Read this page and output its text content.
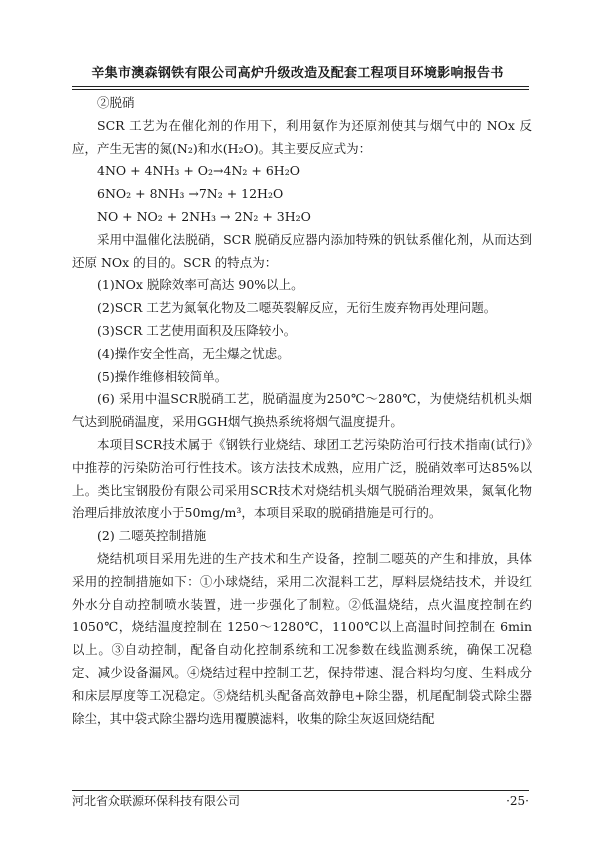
辛集市澳森钢铁有限公司高炉升级改造及配套工程项目环境影响报告书

②脱硝

SCR 工艺为在催化剂的作用下，利用氨作为还原剂使其与烟气中的 NOx 反应，产生无害的氮(N₂)和水(H₂O)。其主要反应式为：

4NO + 4NH₃ + O₂→4N₂ + 6H₂O

6NO₂ + 8NH₃ →7N₂ + 12H₂O

NO + NO₂ + 2NH₃ → 2N₂ + 3H₂O

采用中温催化法脱硝，SCR 脱硝反应器内添加特殊的钒钛系催化剂，从而达到还原 NOx 的目的。SCR 的特点为：

(1)NOx 脱除效率可高达 90%以上。

(2)SCR 工艺为氮氧化物及二噁英裂解反应，无衍生废弃物再处理问题。

(3)SCR 工艺使用面积及压降较小。

(4)操作安全性高，无尘爆之忧虑。

(5)操作维修相较简单。

(6) 采用中温SCR脱硝工艺，脱硝温度为250℃～280℃，为使烧结机机头烟气达到脱硝温度，采用GGH烟气换热系统将烟气温度提升。

本项目SCR技术属于《钢铁行业烧结、球团工艺污染防治可行技术指南(试行)》中推荐的污染防治可行性技术。该方法技术成熟，应用广泛，脱硝效率可达85%以上。类比宝钢股份有限公司采用SCR技术对烧结机头烟气脱硝治理效果，氮氧化物治理后排放浓度小于50mg/m³，本项目采取的脱硝措施是可行的。

(2) 二噁英控制措施

烧结机项目采用先进的生产技术和生产设备，控制二噁英的产生和排放，具体采用的控制措施如下：①小球烧结，采用二次混料工艺，厚料层烧结技术，并设红外水分自动控制喷水装置，进一步强化了制粒。②低温烧结，点火温度控制在约 1050℃，烧结温度控制在 1250～1280℃，1100℃以上高温时间控制在 6min 以上。③自动控制，配备自动化控制系统和工况参数在线监测系统，确保工况稳定、减少设备漏风。④烧结过程中控制工艺，保持带速、混合料均匀度、生料成分和床层厚度等工况稳定。⑤烧结机头配备高效静电+除尘器，机尾配制袋式除尘器除尘，其中袋式除尘器均选用覆膜滤料，收集的除尘灰返回烧结配

河北省众联源环保科技有限公司	·25·
